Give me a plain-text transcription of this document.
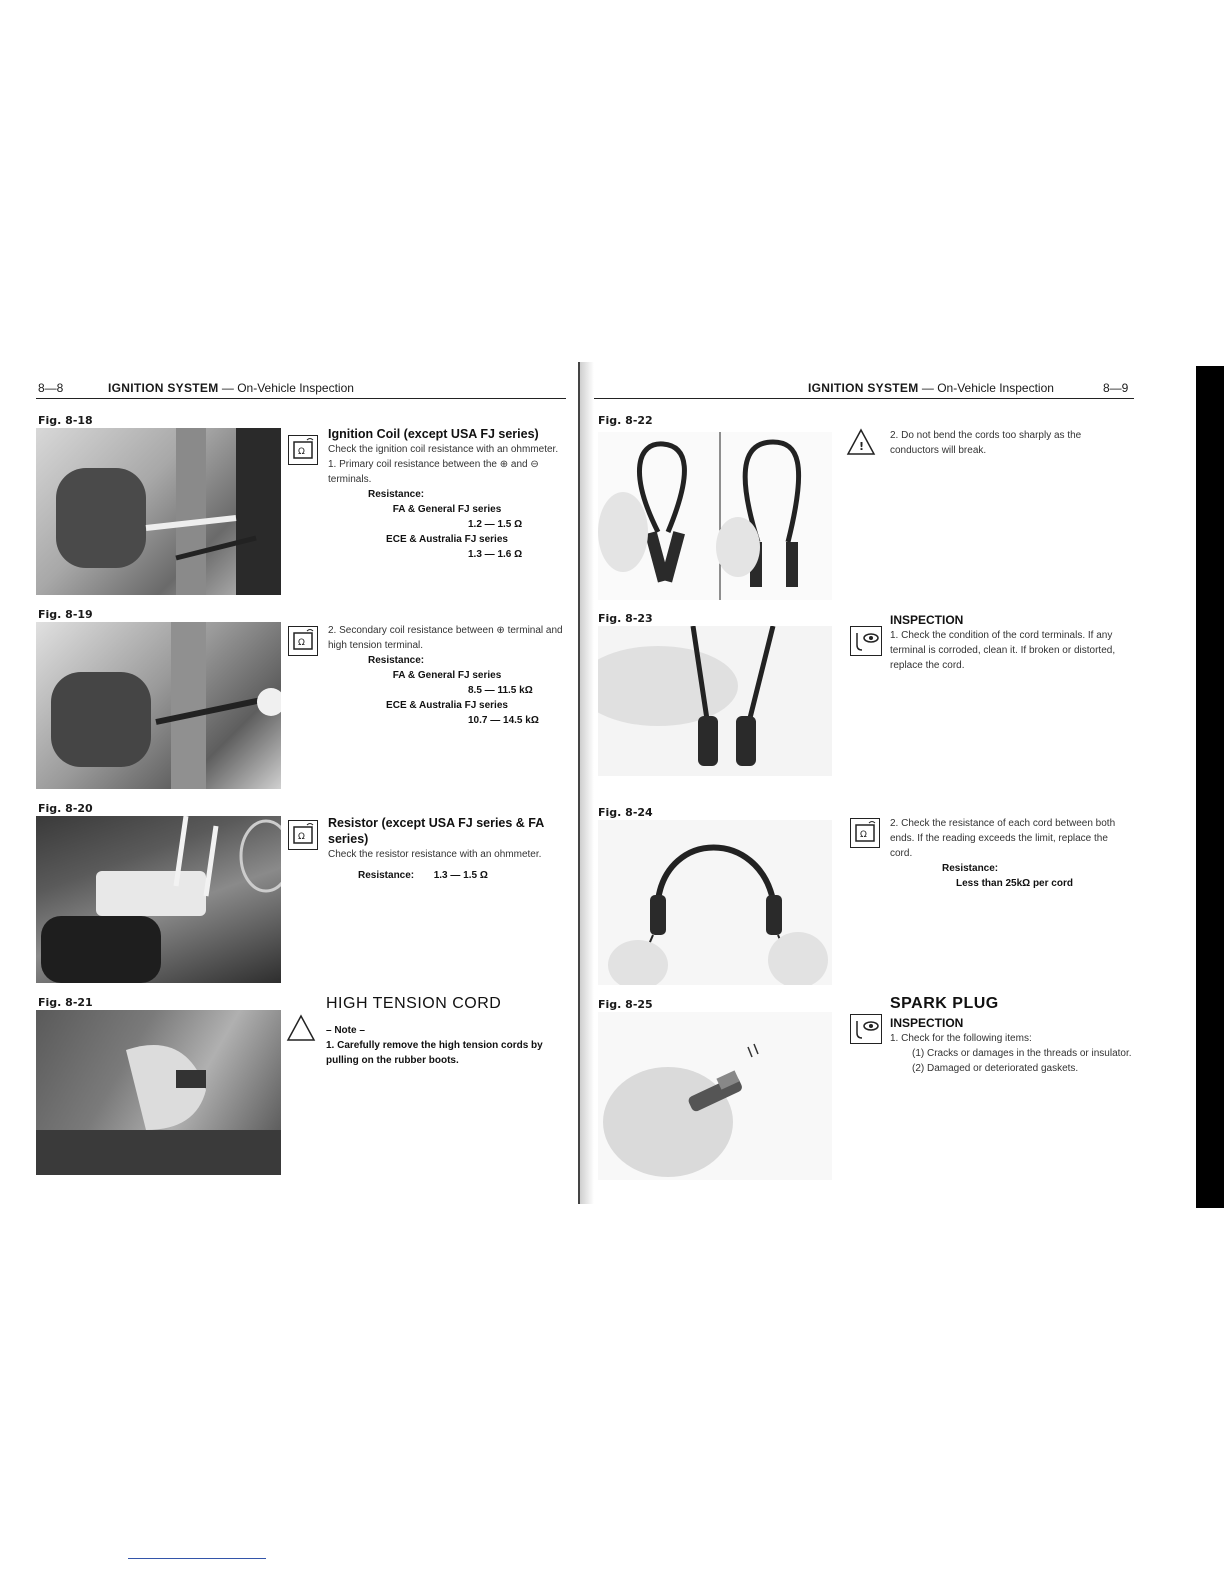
8—8	IGNITION SYSTEM — On-Vehicle Inspection
Fig. 8-18
Ω
Ignition Coil (except USA FJ series)
Check the ignition coil resistance with an ohmmeter.
1. Primary coil resistance between the ⊕ and ⊖ terminals.
Resistance:
FA & General FJ series
1.2 — 1.5 Ω
ECE & Australia FJ series
1.3 — 1.6 Ω
Fig. 8-19
Ω
2. Secondary coil resistance between ⊕ terminal and high tension terminal.
Resistance:
FA & General FJ series
8.5 — 11.5 kΩ
ECE & Australia FJ series
10.7 — 14.5 kΩ
Fig. 8-20
Ω
Resistor (except USA FJ series & FA series)
Check the resistor resistance with an ohmmeter.
Resistance: 1.3 — 1.5 Ω
Fig. 8-21	HIGH TENSION CORD
– Note –
1. Carefully remove the high tension cords by pulling on the rubber boots.
IGNITION SYSTEM — On-Vehicle Inspection	8—9
Fig. 8-22
!
2. Do not bend the cords too sharply as the conductors will break.
Fig. 8-23	INSPECTION
1. Check the condition of the cord terminals. If any terminal is corroded, clean it. If broken or distorted, replace the cord.
Fig. 8-24
Ω
2. Check the resistance of each cord between both ends. If the reading exceeds the limit, replace the cord.
Resistance:
Less than 25kΩ per cord
Fig. 8-25	SPARK PLUG
INSPECTION
1. Check for the following items:
(1) Cracks or damages in the threads or insulator.
(2) Damaged or deteriorated gaskets.
